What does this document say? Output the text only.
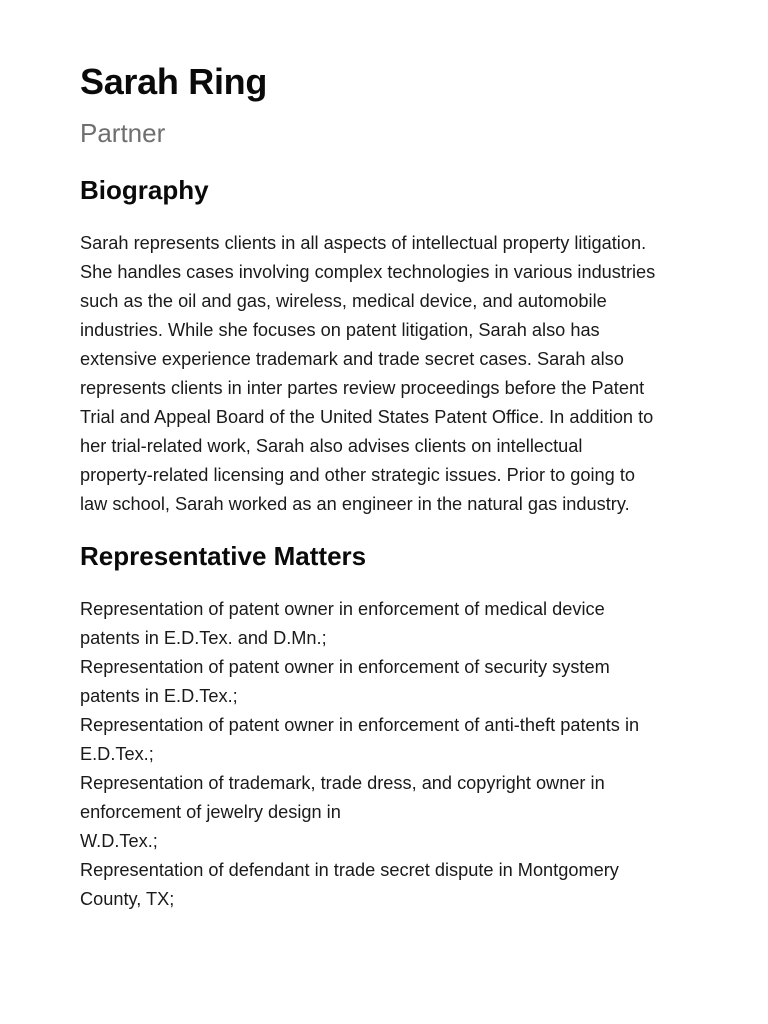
Sarah Ring
Partner
Biography
Sarah represents clients in all aspects of intellectual property litigation.
She handles cases involving complex technologies in various industries
such as the oil and gas, wireless, medical device, and automobile
industries. While she focuses on patent litigation, Sarah also has
extensive experience trademark and trade secret cases. Sarah also
represents clients in inter partes review proceedings before the Patent
Trial and Appeal Board of the United States Patent Office. In addition to
her trial-related work, Sarah also advises clients on intellectual
property-related licensing and other strategic issues. Prior to going to
law school, Sarah worked as an engineer in the natural gas industry.
Representative Matters
Representation of patent owner in enforcement of medical device
patents in E.D.Tex. and D.Mn.;
Representation of patent owner in enforcement of security system
patents in E.D.Tex.;
Representation of patent owner in enforcement of anti-theft patents in
E.D.Tex.;
Representation of trademark, trade dress, and copyright owner in
enforcement of jewelry design in
W.D.Tex.;
Representation of defendant in trade secret dispute in Montgomery
County, TX;
